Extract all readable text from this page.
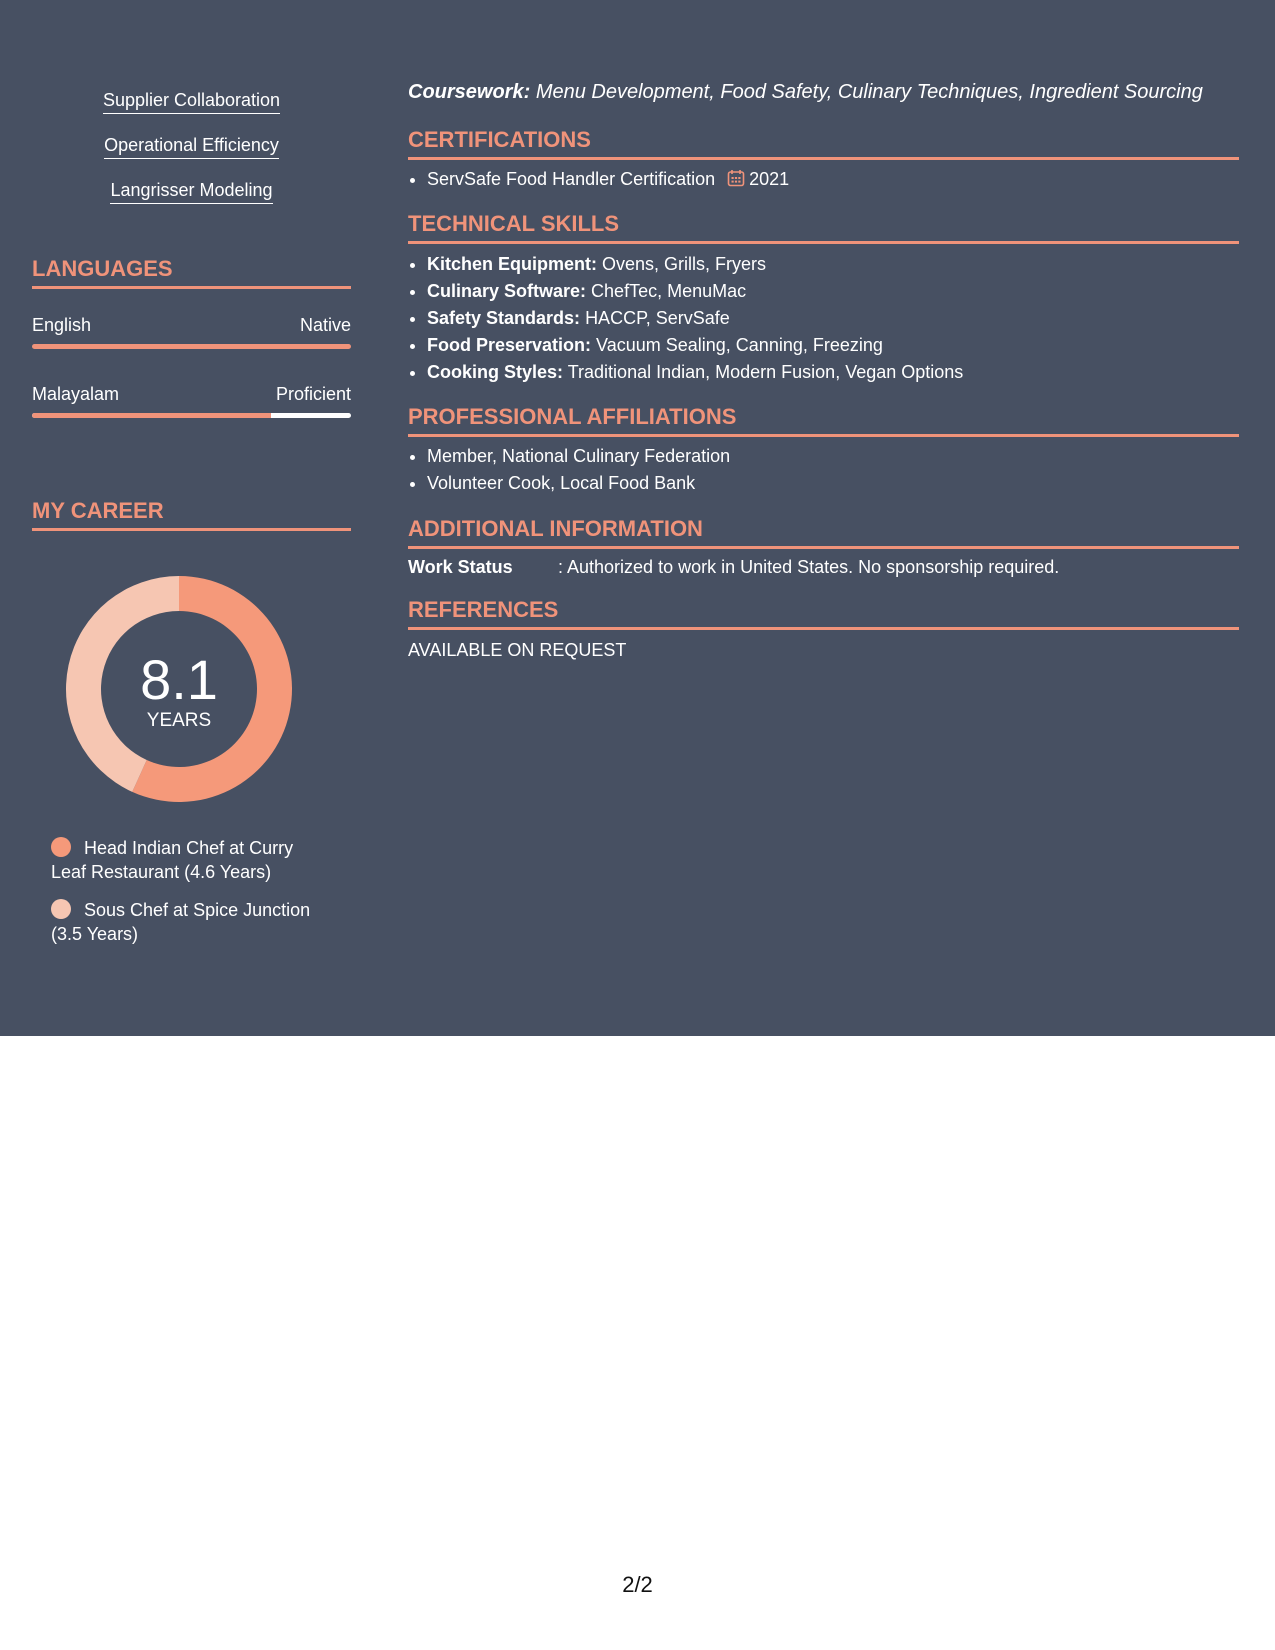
Supplier Collaboration
Operational Efficiency
Langrisser Modeling
LANGUAGES
English	Native
Malayalam	Proficient
MY CAREER
8.1
YEARS
Head Indian Chef at Curry Leaf Restaurant (4.6 Years)
Sous Chef at Spice Junction (3.5 Years)
Coursework: Menu Development, Food Safety, Culinary Techniques, Ingredient Sourcing
CERTIFICATIONS
• ServSafe Food Handler Certification 2021
TECHNICAL SKILLS
• Kitchen Equipment: Ovens, Grills, Fryers
• Culinary Software: ChefTec, MenuMac
• Safety Standards: HACCP, ServSafe
• Food Preservation: Vacuum Sealing, Canning, Freezing
• Cooking Styles: Traditional Indian, Modern Fusion, Vegan Options
PROFESSIONAL AFFILIATIONS
• Member, National Culinary Federation
• Volunteer Cook, Local Food Bank
ADDITIONAL INFORMATION
Work Status	: Authorized to work in United States. No sponsorship required.
REFERENCES
AVAILABLE ON REQUEST
2/2
